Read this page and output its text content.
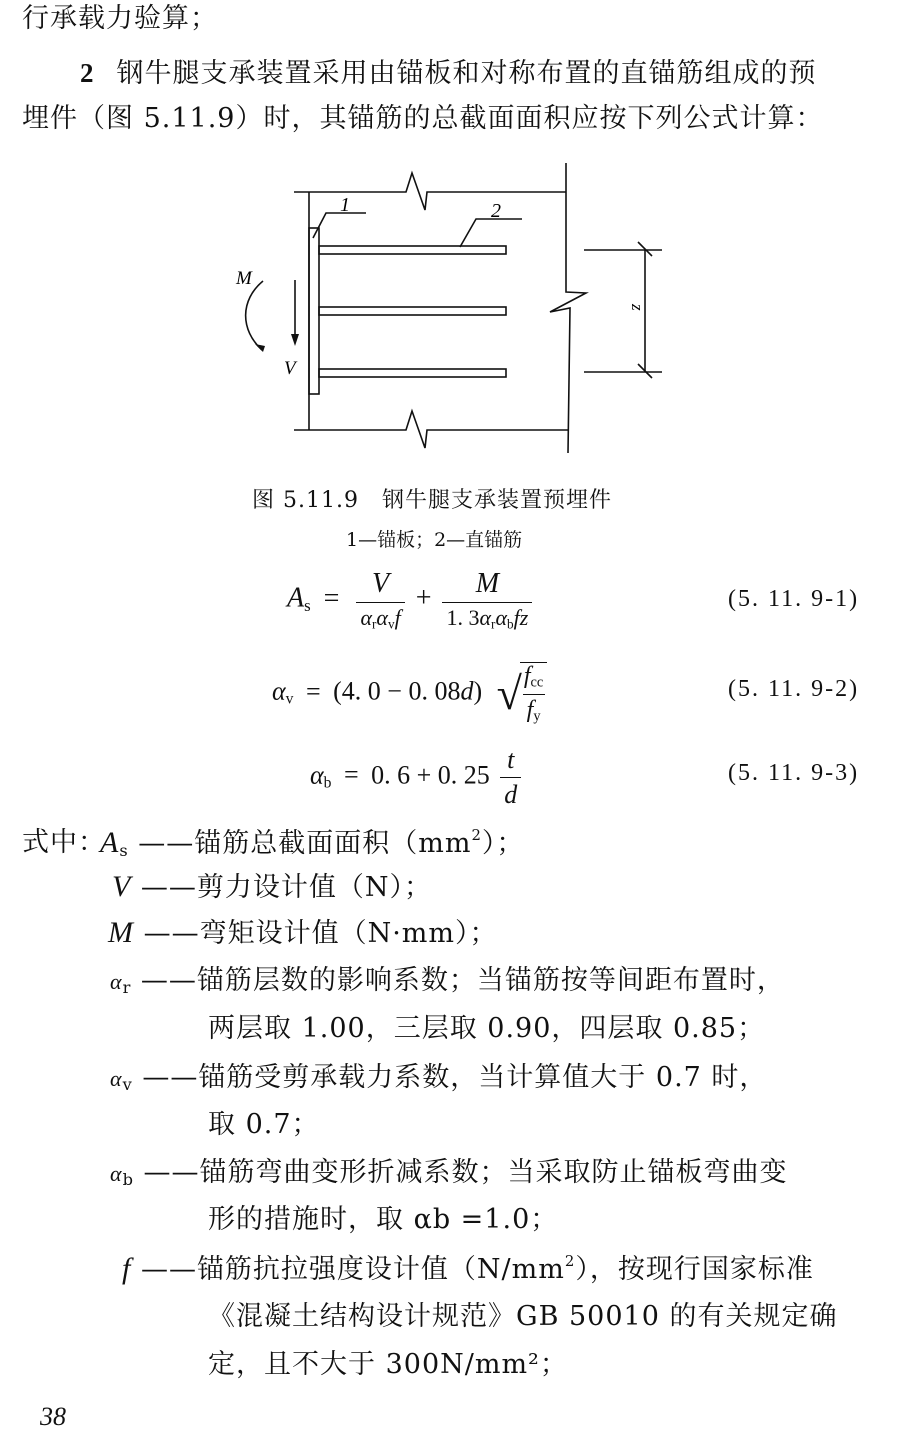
行承载力验算；
2 钢牛腿支承装置采用由锚板和对称布置的直锚筋组成的预
埋件（图 5.11.9）时，其锚筋的总截面面积应按下列公式计算：
1	2
M
V
z
图 5.11.9　钢牛腿支承装置预埋件
1—锚板；2—直锚筋
$A_s = \frac{V}{\alpha_r\alpha_vf} + \frac{M}{1. 3\alpha_r\alpha_bfz}$	(5. 11. 9-1)
$\alpha_v = (4$. 0 − 0. 08d) √
$\frac{f_{cc}}{f_y}$	(5. 11. 9-2)
$\alpha_b = 0$. 6 + 0. $25 \frac{t}{d}$	(5. 11. 9-3)
式中：
$A_s$ ——锚筋总截面面积$(mm^2)$；
V ——剪力设计值（N）；
M ——弯矩设计值（N·mm）；
$\alpha_r$ ——锚筋层数的影响系数；当锚筋按等间距布置时，
两层取 1.00，三层取 0.90，四层取 0.85；
$\alpha_v$ ——锚筋受剪承载力系数，当计算值大于 0.7 时，
取 0.7；
$\alpha_b$ ——锚筋弯曲变形折减系数；当采取防止锚板弯曲变
形的措施时，取 αb =1.0；
f ——锚筋抗拉强度设计值$(N/mm^2)$，按现行国家标准
《混凝土结构设计规范》GB 50010 的有关规定确
定，且不大于 300N/mm²；
38
